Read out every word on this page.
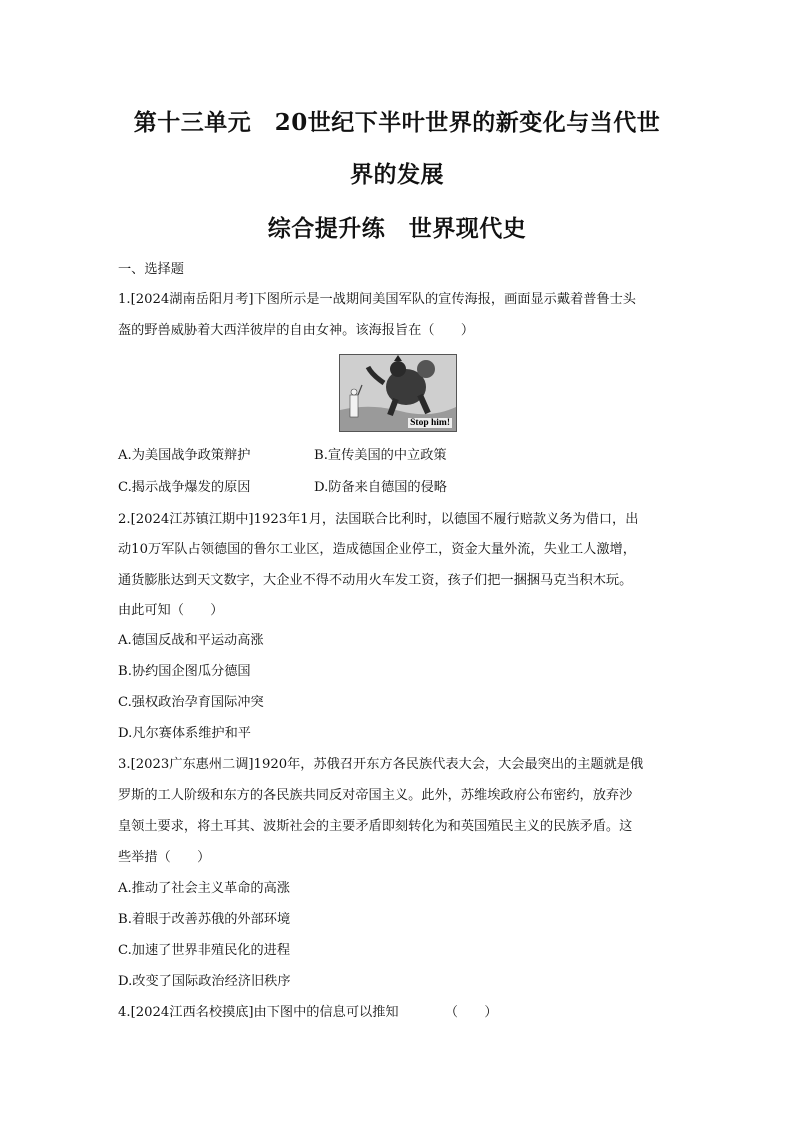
第十三单元　20世纪下半叶世界的新变化与当代世
界的发展
综合提升练　世界现代史
一、选择题
1.[2024湖南岳阳月考]下图所示是一战期间美国军队的宣传海报，画面显示戴着普鲁士头
盔的野兽威胁着大西洋彼岸的自由女神。该海报旨在（　　）
Stop him!
A.为美国战争政策辩护	B.宣传美国的中立政策
C.揭示战争爆发的原因	D.防备来自德国的侵略
2.[2024江苏镇江期中]1923年1月，法国联合比利时，以德国不履行赔款义务为借口，出
动10万军队占领德国的鲁尔工业区，造成德国企业停工，资金大量外流，失业工人激增，
通货膨胀达到天文数字，大企业不得不动用火车发工资，孩子们把一捆捆马克当积木玩。
由此可知（　　）
A.德国反战和平运动高涨
B.协约国企图瓜分德国
C.强权政治孕育国际冲突
D.凡尔赛体系维护和平
3.[2023广东惠州二调]1920年，苏俄召开东方各民族代表大会，大会最突出的主题就是俄
罗斯的工人阶级和东方的各民族共同反对帝国主义。此外，苏维埃政府公布密约，放弃沙
皇领土要求，将土耳其、波斯社会的主要矛盾即刻转化为和英国殖民主义的民族矛盾。这
些举措（　　）
A.推动了社会主义革命的高涨
B.着眼于改善苏俄的外部环境
C.加速了世界非殖民化的进程
D.改变了国际政治经济旧秩序
4.[2024江西名校摸底]由下图中的信息可以推知　　　　（　　）
